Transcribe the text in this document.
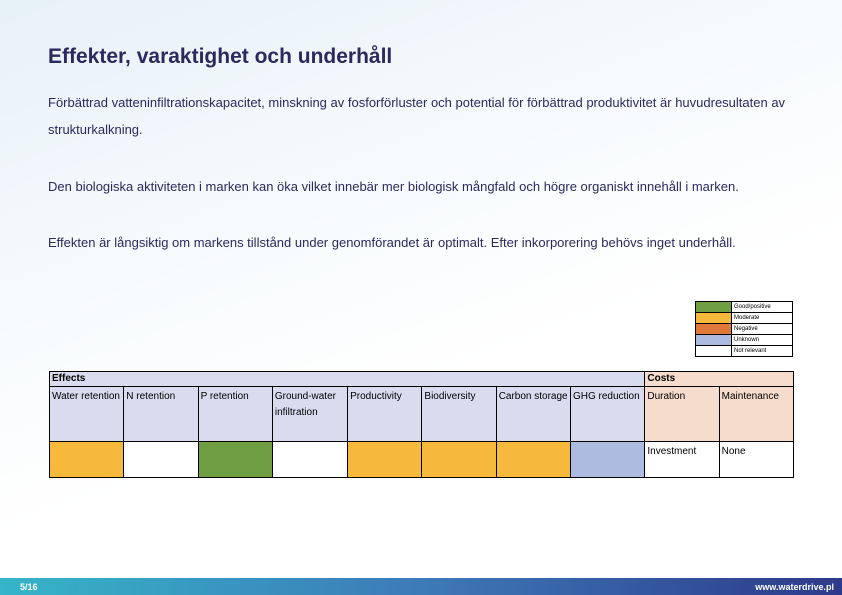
Effekter, varaktighet och underhåll
Förbättrad vatteninfiltrationskapacitet, minskning av fosforförluster och potential för förbättrad produktivitet är huvudresultaten av strukturkalkning.
Den biologiska aktiviteten i marken kan öka vilket innebär mer biologisk mångfald och högre organiskt innehåll i marken.
Effekten är långsiktig om markens tillstånd under genomförandet är optimalt. Efter inkorporering behövs inget underhåll.
	Good/positive
	Moderate
	Negative
	Unknown
	Not relevant
Effects								Costs	
Water retention	N retention	P retention	Ground-water infiltration	Productivity	Biodiversity	Carbon storage	GHG reduction	Duration	Maintenance
								Investment	None
5/16	www.waterdrive.pl
